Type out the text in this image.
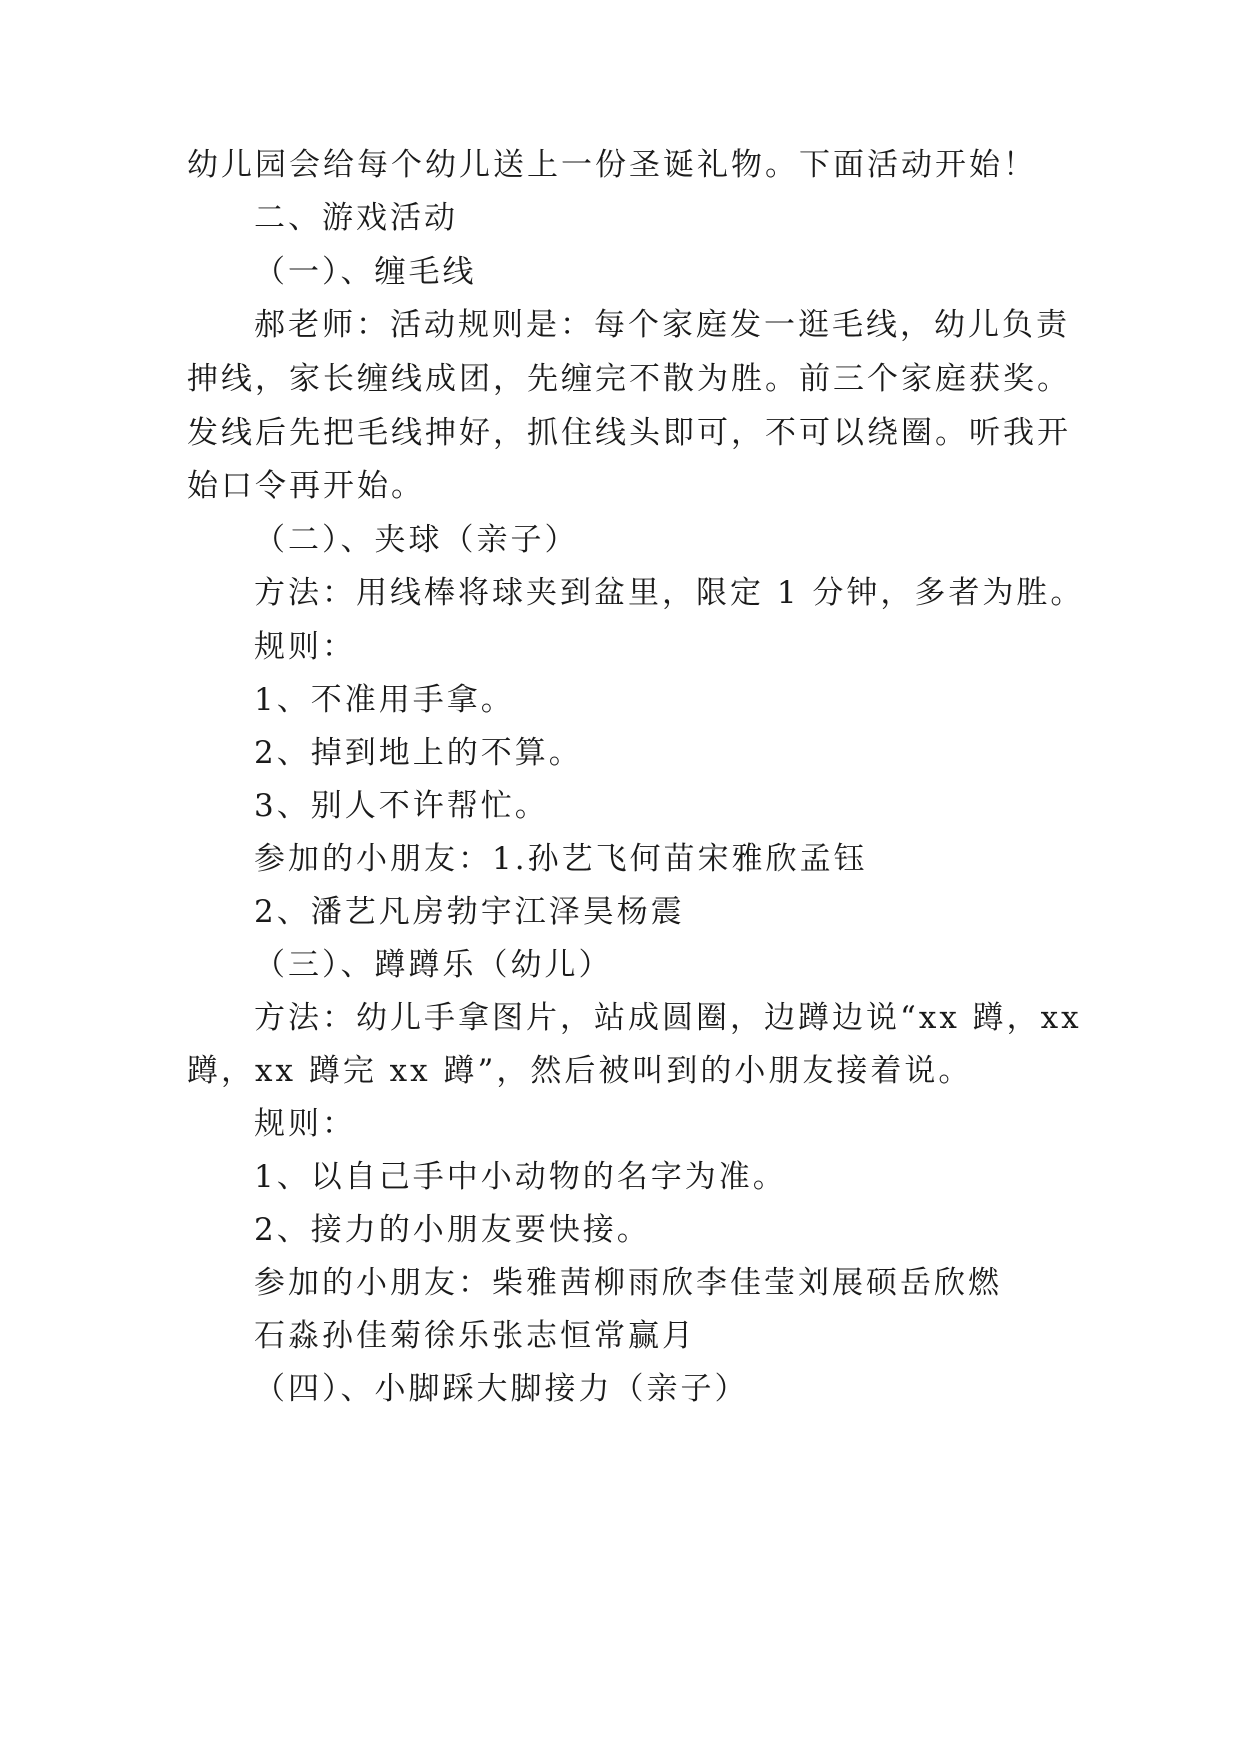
幼儿园会给每个幼儿送上一份圣诞礼物。下面活动开始！
二、游戏活动
（一）、缠毛线
郝老师：活动规则是：每个家庭发一逛毛线，幼儿负责
抻线，家长缠线成团，先缠完不散为胜。前三个家庭获奖。
发线后先把毛线抻好，抓住线头即可，不可以绕圈。听我开
始口令再开始。
（二）、夹球（亲子）
方法：用线棒将球夹到盆里，限定 1 分钟，多者为胜。
规则：
1、不准用手拿。
2、掉到地上的不算。
3、别人不许帮忙。
参加的小朋友：1.孙艺飞何苗宋雅欣孟钰
2、潘艺凡房勃宇江泽昊杨震
（三）、蹲蹲乐（幼儿）
方法：幼儿手拿图片，站成圆圈，边蹲边说“xx 蹲，xx
蹲，xx 蹲完 xx 蹲”，然后被叫到的小朋友接着说。
规则：
1、以自己手中小动物的名字为准。
2、接力的小朋友要快接。
参加的小朋友：柴雅茜柳雨欣李佳莹刘展硕岳欣燃
石淼孙佳菊徐乐张志恒常赢月
（四）、小脚踩大脚接力（亲子）
